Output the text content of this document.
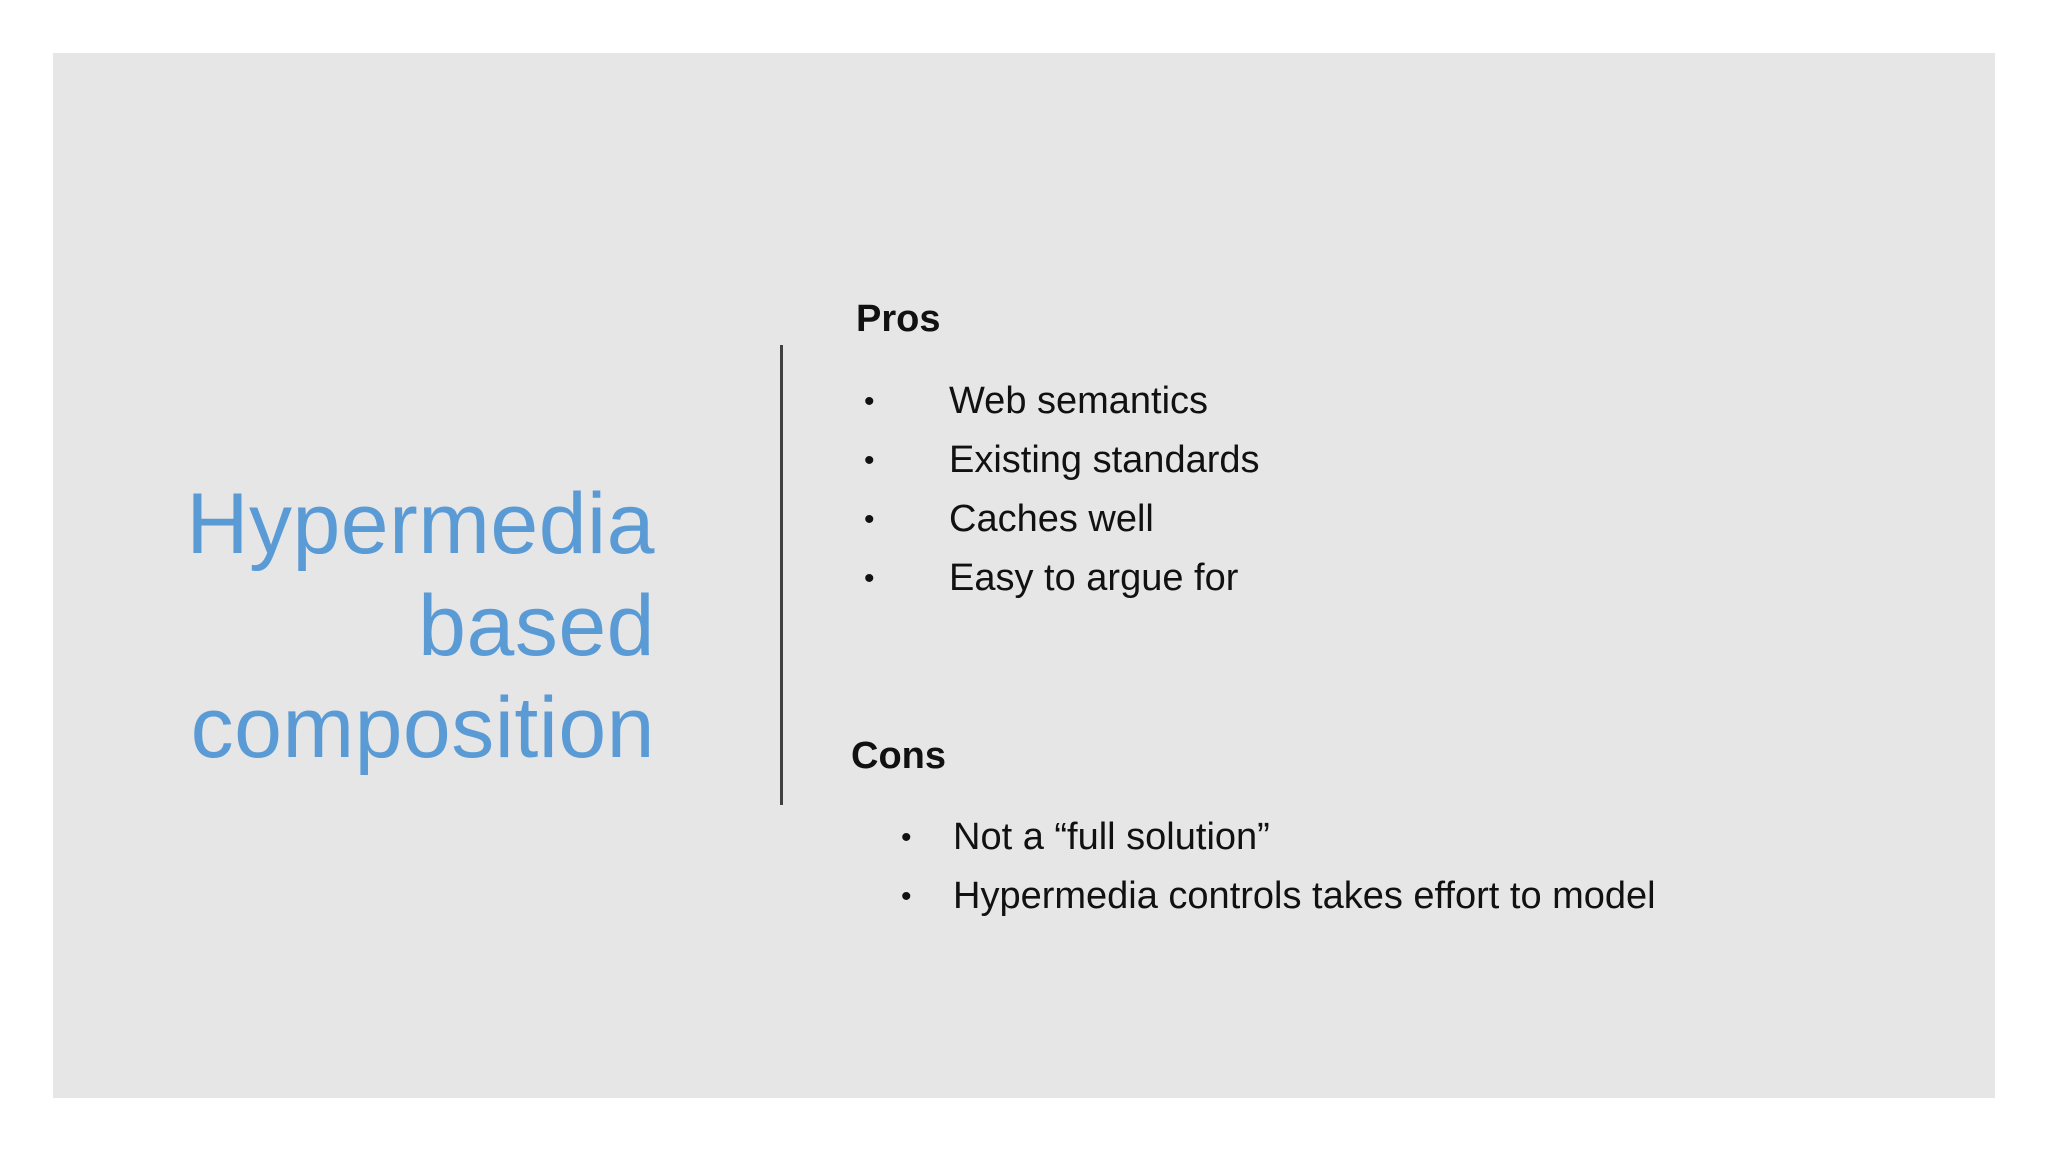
Hypermedia
based
composition
Pros
• Web semantics
• Existing standards
• Caches well
• Easy to argue for
Cons
• Not a “full solution”
• Hypermedia controls takes effort to model
